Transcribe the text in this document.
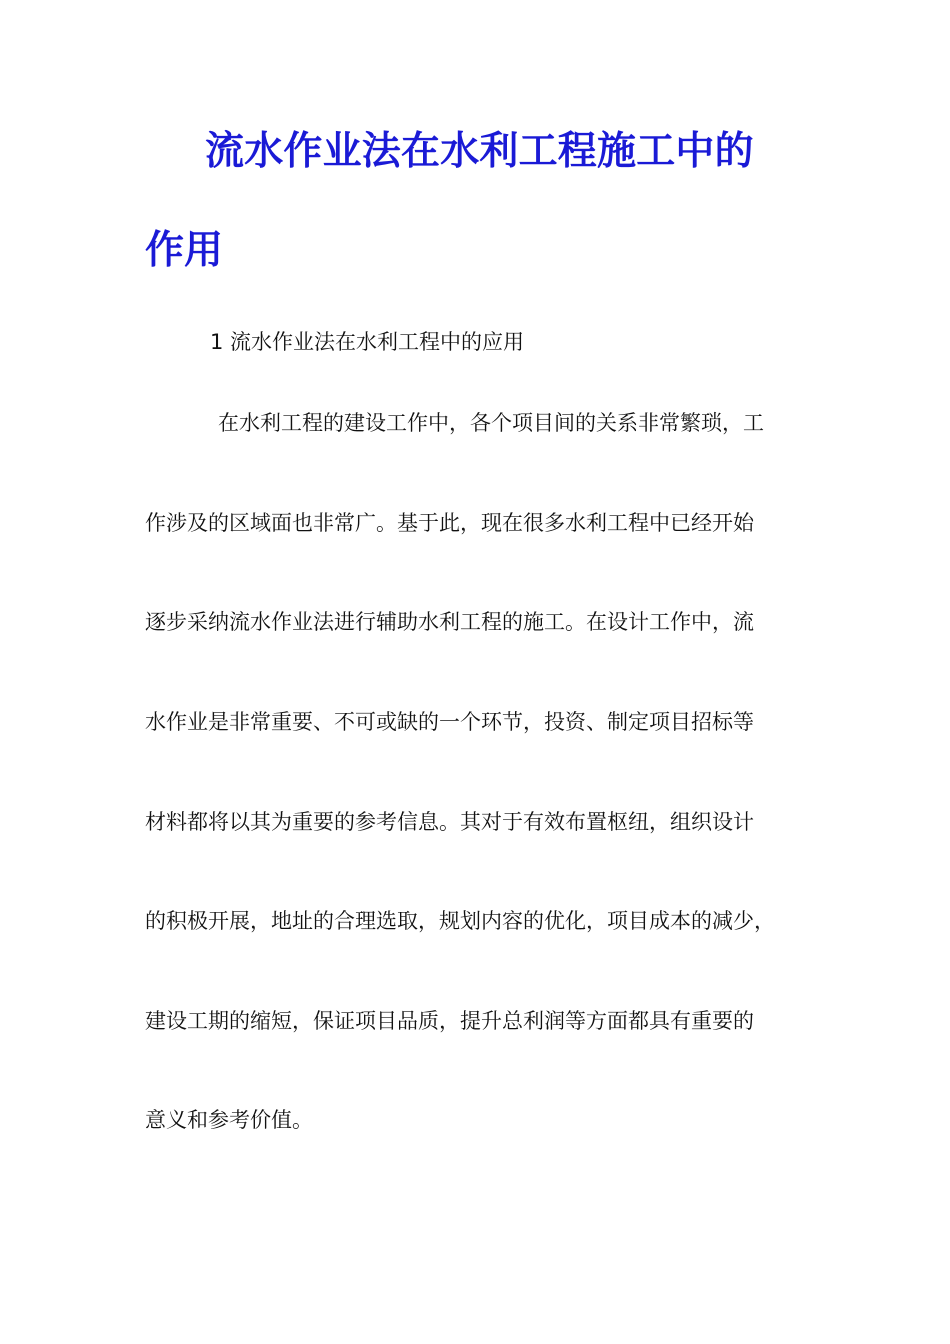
流水作业法在水利工程施工中的
作用

1 流水作业法在水利工程中的应用

在水利工程的建设工作中，各个项目间的关系非常繁琐，工

作涉及的区域面也非常广。基于此，现在很多水利工程中已经开始

逐步采纳流水作业法进行辅助水利工程的施工。在设计工作中，流

水作业是非常重要、不可或缺的一个环节，投资、制定项目招标等

材料都将以其为重要的参考信息。其对于有效布置枢纽，组织设计

的积极开展，地址的合理选取，规划内容的优化，项目成本的减少，

建设工期的缩短，保证项目品质，提升总利润等方面都具有重要的

意义和参考价值。
